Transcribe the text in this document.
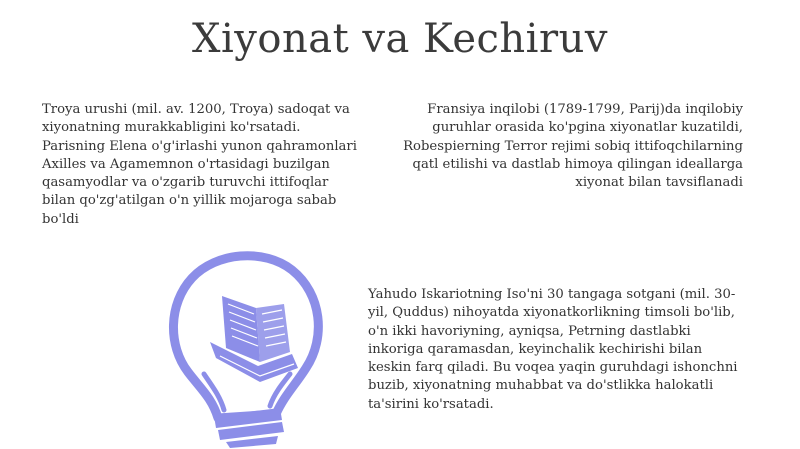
Xiyonat va Kechiruv

Troya urushi (mil. av. 1200, Troya) sadoqat va xiyonatning murakkabligini ko'rsatadi. Parisning Elena o'g'irlashi yunon qahramonlari Axilles va Agamemnon o'rtasidagi buzilgan qasamyodlar va o'zgarib turuvchi ittifoqlar bilan qo'zg'atilgan o'n yillik mojaroga sabab bo'ldi

Fransiya inqilobi (1789-1799, Parij)da inqilobiy guruhlar orasida ko'pgina xiyonatlar kuzatildi, Robespierning Terror rejimi sobiq ittifoqchilarning qatl etilishi va dastlab himoya qilingan ideallarga xiyonat bilan tavsiflanadi

Yahudo Iskariotning Iso'ni 30 tangaga sotgani (mil. 30-yil, Quddus) nihoyatda xiyonatkorlikning timsoli bo'lib, o'n ikki havoriyning, ayniqsa, Petrning dastlabki inkoriga qaramasdan, keyinchalik kechirishi bilan keskin farq qiladi. Bu voqea yaqin guruhdagi ishonchni buzib, xiyonatning muhabbat va do'stlikka halokatli ta'sirini ko'rsatadi.
